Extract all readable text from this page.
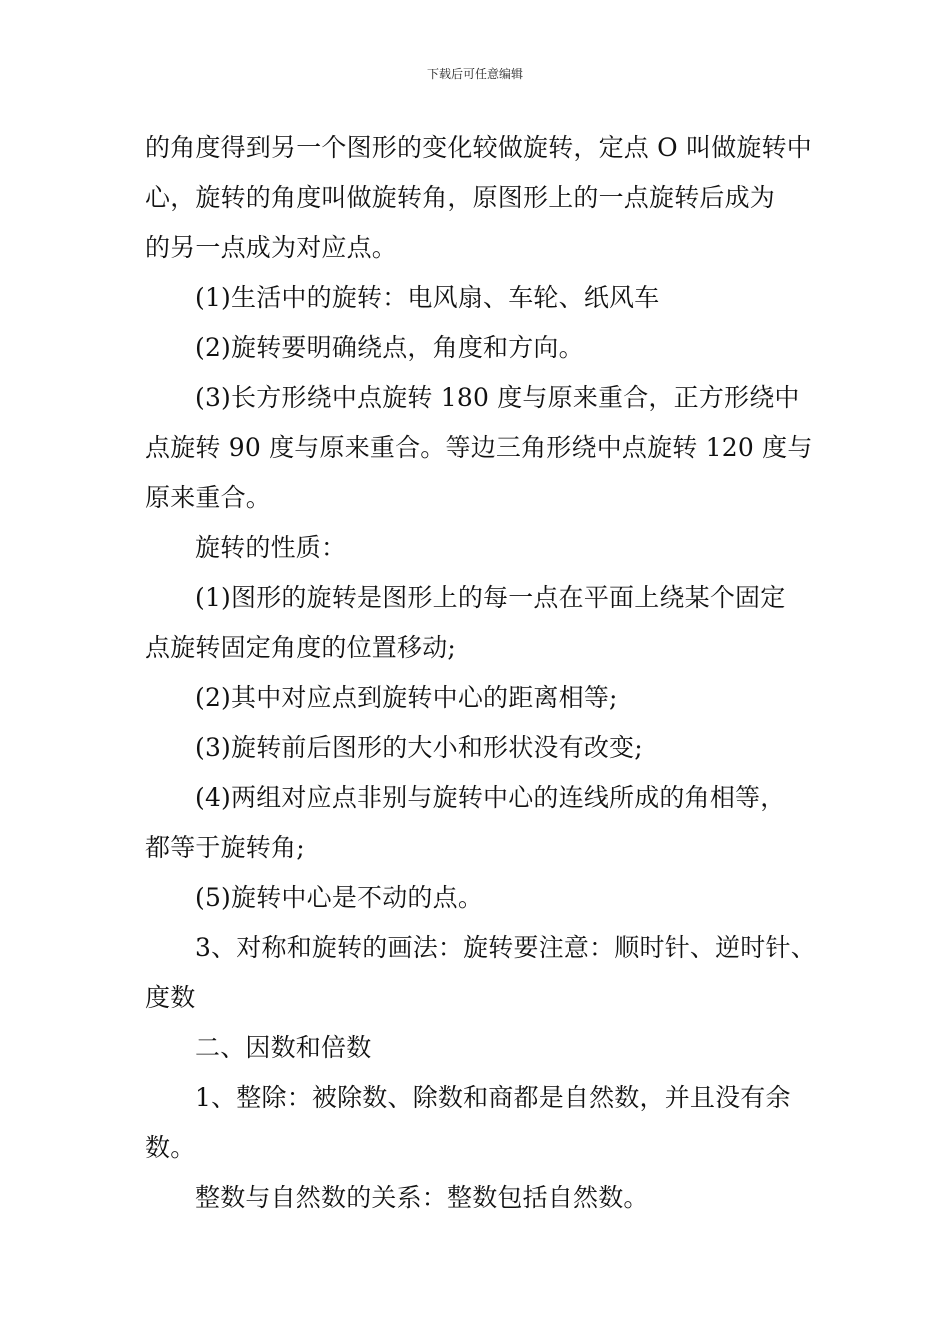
下载后可任意编辑
的角度得到另一个图形的变化较做旋转，定点 O 叫做旋转中
心，旋转的角度叫做旋转角，原图形上的一点旋转后成为
的另一点成为对应点。
(1)生活中的旋转：电风扇、车轮、纸风车
(2)旋转要明确绕点，角度和方向。
(3)长方形绕中点旋转 180 度与原来重合，正方形绕中
点旋转 90 度与原来重合。等边三角形绕中点旋转 120 度与
原来重合。
旋转的性质：
(1)图形的旋转是图形上的每一点在平面上绕某个固定
点旋转固定角度的位置移动;
(2)其中对应点到旋转中心的距离相等;
(3)旋转前后图形的大小和形状没有改变;
(4)两组对应点非别与旋转中心的连线所成的角相等，
都等于旋转角;
(5)旋转中心是不动的点。
3、对称和旋转的画法：旋转要注意：顺时针、逆时针、
度数
二、因数和倍数
1、整除：被除数、除数和商都是自然数，并且没有余
数。
整数与自然数的关系：整数包括自然数。
